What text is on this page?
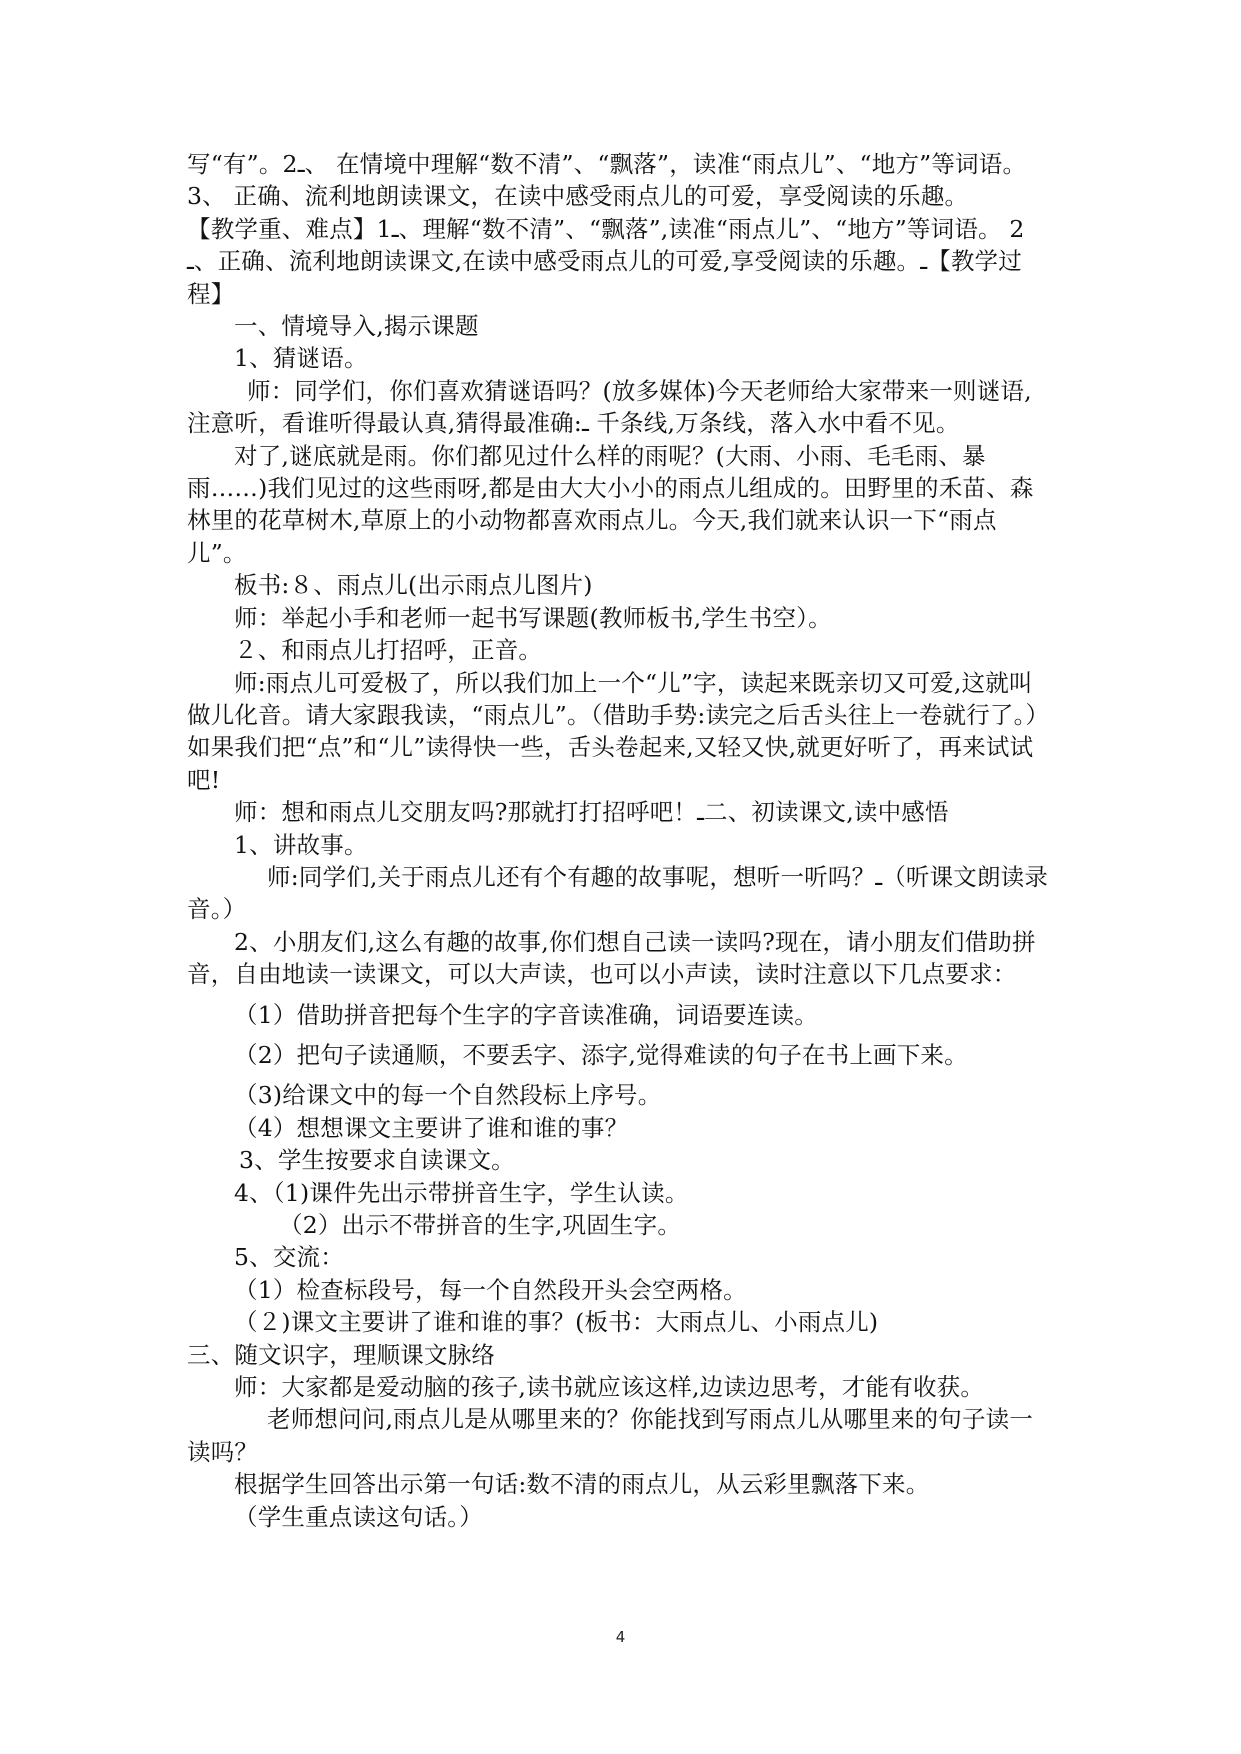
写“有”。2ـ、 在情境中理解“数不清”、“飘落”，读准“雨点儿”、“地方”等词语。

3、 正确、流利地朗读课文，在读中感受雨点儿的可爱，享受阅读的乐趣。

【教学重、难点】1ـ、理解“数不清”、“飘落”,读准“雨点儿”、“地方”等词语。 2ـ、正确、流利地朗读课文,在读中感受雨点儿的可爱,享受阅读的乐趣。ـ【教学过程】

一、情境导入,揭示课题

1、猜谜语。

师：同学们，你们喜欢猜谜语吗？(放多媒体)今天老师给大家带来一则谜语,注意听，看谁听得最认真,猜得最准确:ـ 千条线,万条线，落入水中看不见。

对了,谜底就是雨。你们都见过什么样的雨呢？(大雨、小雨、毛毛雨、暴雨……)我们见过的这些雨呀,都是由大大小小的雨点儿组成的。田野里的禾苗、森林里的花草树木,草原上的小动物都喜欢雨点儿。今天,我们就来认识一下“雨点儿”。

板书:８、雨点儿(出示雨点儿图片)

师：举起小手和老师一起书写课题(教师板书,学生书空）。

２、和雨点儿打招呼，正音。

师:雨点儿可爱极了，所以我们加上一个“儿”字，读起来既亲切又可爱,这就叫做儿化音。请大家跟我读，“雨点儿”。（借助手势:读完之后舌头往上一卷就行了。）如果我们把“点”和“儿”读得快一些，舌头卷起来,又轻又快,就更好听了，再来试试吧!

师：想和雨点儿交朋友吗?那就打打招呼吧！ـ二、初读课文,读中感悟

1、讲故事。

师:同学们,关于雨点儿还有个有趣的故事呢，想听一听吗？ـ（听课文朗读录音。）

2、小朋友们,这么有趣的故事,你们想自己读一读吗?现在，请小朋友们借助拼音，自由地读一读课文，可以大声读，也可以小声读，读时注意以下几点要求：

（1）借助拼音把每个生字的字音读准确，词语要连读。

（2）把句子读通顺，不要丢字、添字,觉得难读的句子在书上画下来。

（3)给课文中的每一个自然段标上序号。

（4）想想课文主要讲了谁和谁的事？

3、学生按要求自读课文。

4、（1)课件先出示带拼音生字，学生认读。

（2）出示不带拼音的生字,巩固生字。

5、交流：

（1）检查标段号，每一个自然段开头会空两格。

（２)课文主要讲了谁和谁的事？(板书：大雨点儿、小雨点儿)

三、随文识字，理顺课文脉络

师：大家都是爱动脑的孩子,读书就应该这样,边读边思考，才能有收获。

老师想问问,雨点儿是从哪里来的？你能找到写雨点儿从哪里来的句子读一读吗？

根据学生回答出示第一句话:数不清的雨点儿，从云彩里飘落下来。

（学生重点读这句话。）

4
